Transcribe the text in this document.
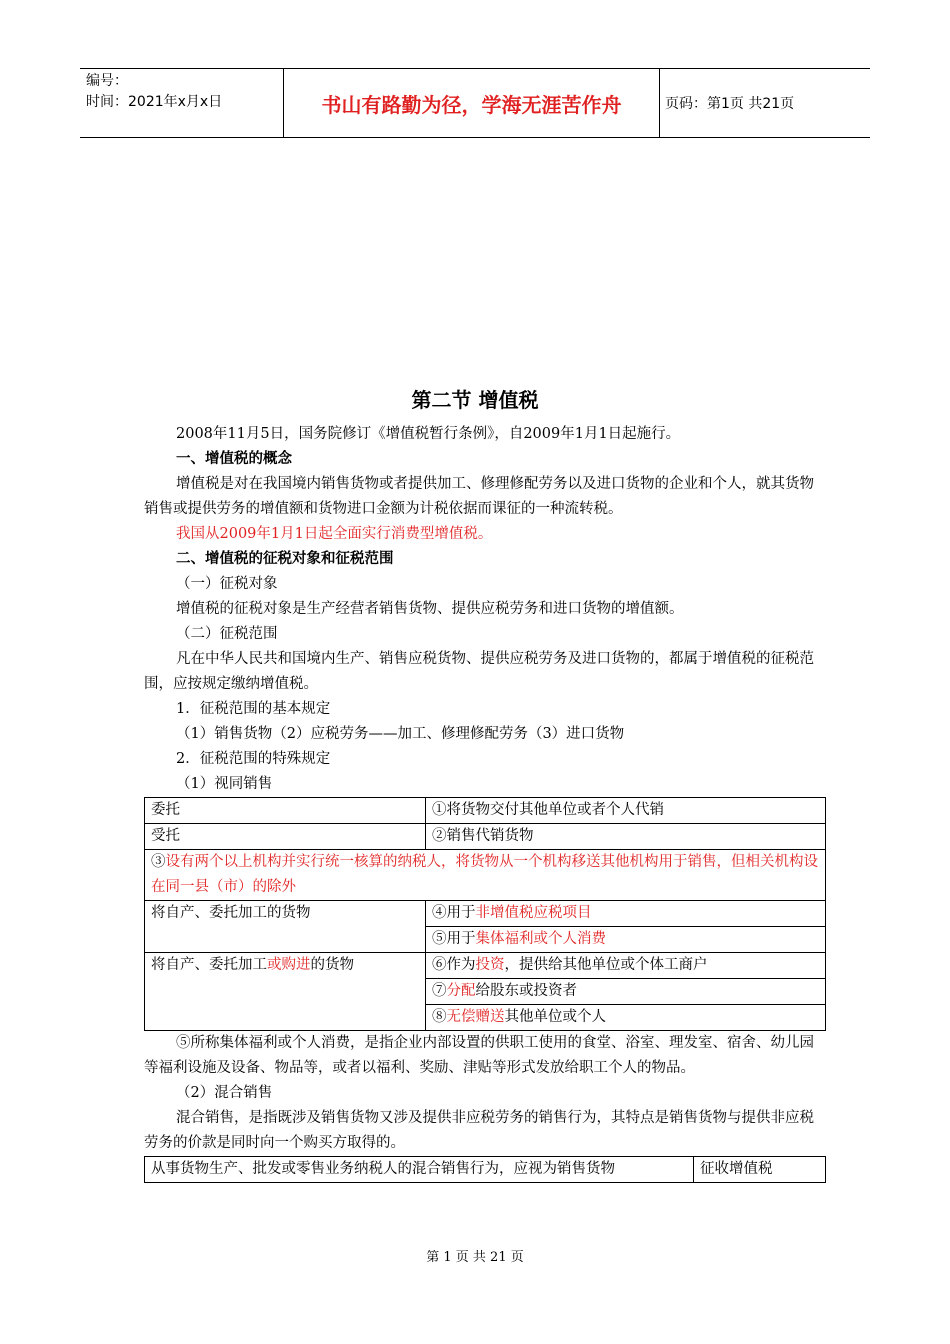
编号：
时间：2021年x月x日	书山有路勤为径，学海无涯苦作舟	页码：第1页 共21页
第二节 增值税

2008年11月5日，国务院修订《增值税暂行条例》，自2009年1月1日起施行。

一、增值税的概念

增值税是对在我国境内销售货物或者提供加工、修理修配劳务以及进口货物的企业和个人，就其货物销售或提供劳务的增值额和货物进口金额为计税依据而课征的一种流转税。

我国从2009年1月1日起全面实行消费型增值税。

二、增值税的征税对象和征税范围

（一）征税对象

增值税的征税对象是生产经营者销售货物、提供应税劳务和进口货物的增值额。

（二）征税范围

凡在中华人民共和国境内生产、销售应税货物、提供应税劳务及进口货物的，都属于增值税的征税范围，应按规定缴纳增值税。

1．征税范围的基本规定

（1）销售货物（2）应税劳务——加工、修理修配劳务（3）进口货物

2．征税范围的特殊规定

（1）视同销售

委托	①将货物交付其他单位或者个人代销
受托	②销售代销货物
③设有两个以上机构并实行统一核算的纳税人，将货物从一个机构移送其他机构用于销售，但相关机构设在同一县（市）的除外	
将自产、委托加工的货物	④用于非增值税应税项目
	⑤用于集体福利或个人消费
将自产、委托加工或购进的货物	⑥作为投资，提供给其他单位或个体工商户
	⑦分配给股东或投资者
	⑧无偿赠送其他单位或个人

⑤所称集体福利或个人消费，是指企业内部设置的供职工使用的食堂、浴室、理发室、宿舍、幼儿园等福利设施及设备、物品等，或者以福利、奖励、津贴等形式发放给职工个人的物品。

（2）混合销售

混合销售，是指既涉及销售货物又涉及提供非应税劳务的销售行为，其特点是销售货物与提供非应税劳务的价款是同时向一个购买方取得的。

从事货物生产、批发或零售业务纳税人的混合销售行为，应视为销售货物	征收增值税
第 1 页 共 21 页
